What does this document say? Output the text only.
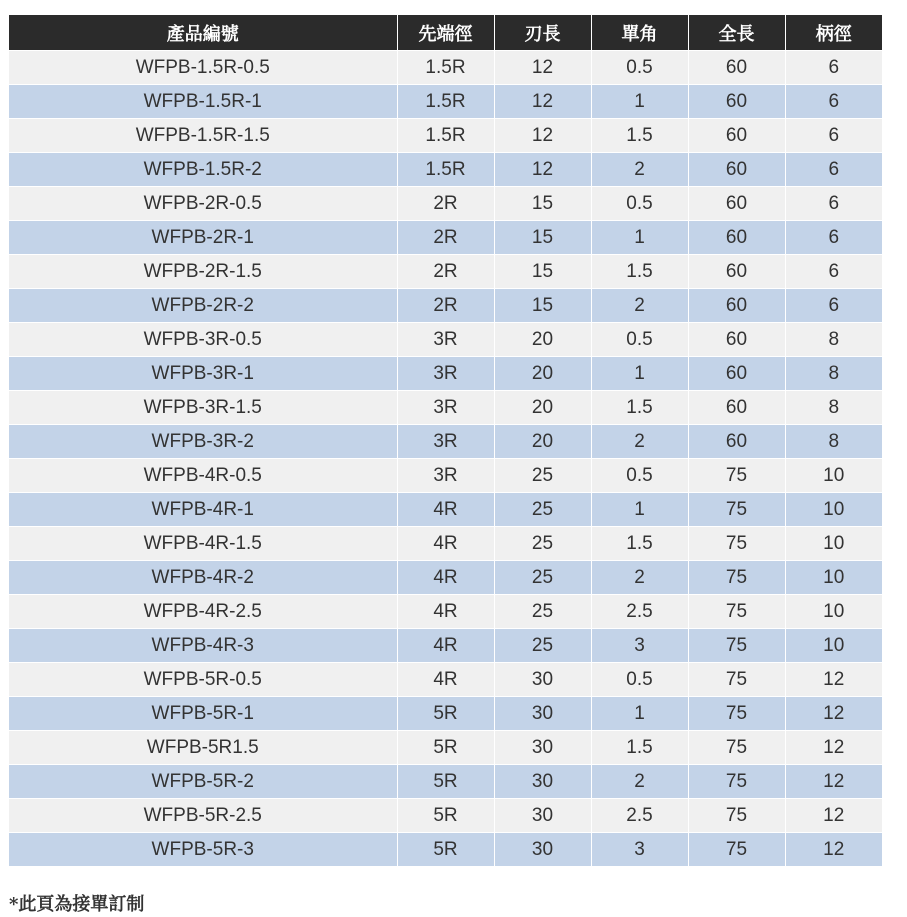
產品編號	先端徑	刃長	單角	全長	柄徑
WFPB-1.5R-0.5	1.5R	12	0.5	60	6
WFPB-1.5R-1	1.5R	12	1	60	6
WFPB-1.5R-1.5	1.5R	12	1.5	60	6
WFPB-1.5R-2	1.5R	12	2	60	6
WFPB-2R-0.5	2R	15	0.5	60	6
WFPB-2R-1	2R	15	1	60	6
WFPB-2R-1.5	2R	15	1.5	60	6
WFPB-2R-2	2R	15	2	60	6
WFPB-3R-0.5	3R	20	0.5	60	8
WFPB-3R-1	3R	20	1	60	8
WFPB-3R-1.5	3R	20	1.5	60	8
WFPB-3R-2	3R	20	2	60	8
WFPB-4R-0.5	3R	25	0.5	75	10
WFPB-4R-1	4R	25	1	75	10
WFPB-4R-1.5	4R	25	1.5	75	10
WFPB-4R-2	4R	25	2	75	10
WFPB-4R-2.5	4R	25	2.5	75	10
WFPB-4R-3	4R	25	3	75	10
WFPB-5R-0.5	4R	30	0.5	75	12
WFPB-5R-1	5R	30	1	75	12
WFPB-5R1.5	5R	30	1.5	75	12
WFPB-5R-2	5R	30	2	75	12
WFPB-5R-2.5	5R	30	2.5	75	12
WFPB-5R-3	5R	30	3	75	12

*此頁為接單訂制
